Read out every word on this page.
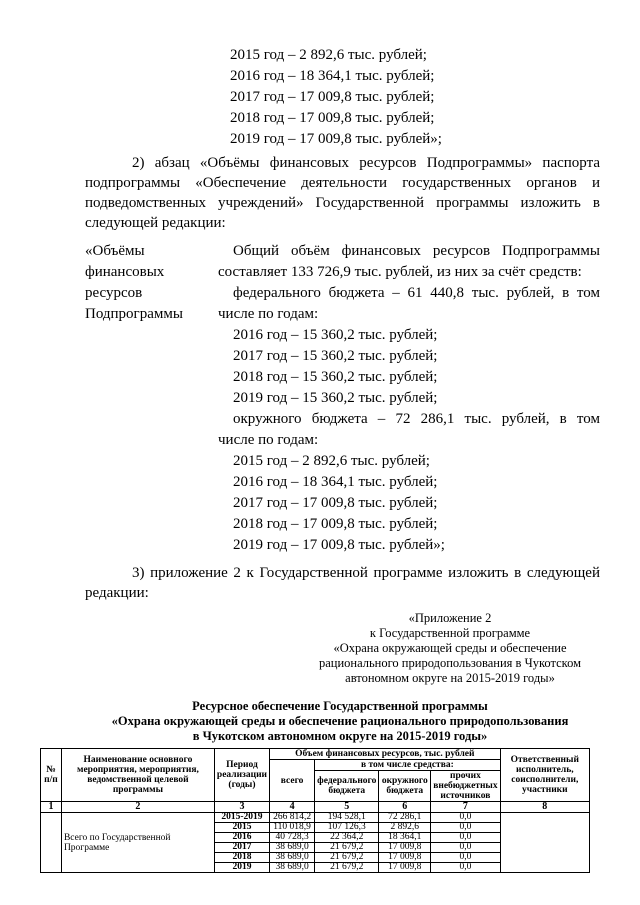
2015 год – 2 892,6 тыс. рублей;
2016 год – 18 364,1 тыс. рублей;
2017 год – 17 009,8 тыс. рублей;
2018 год – 17 009,8 тыс. рублей;
2019 год – 17 009,8 тыс. рублей»;
2) абзац «Объёмы финансовых ресурсов Подпрограммы» паспорта
подпрограммы «Обеспечение деятельности государственных органов и
подведомственных учреждений» Государственной программы изложить в
следующей редакции:
«Объёмы
финансовых
ресурсов
Подпрограммы
Общий объём финансовых ресурсов Подпрограммы
составляет 133 726,9 тыс. рублей, из них за счёт средств:
федерального бюджета – 61 440,8 тыс. рублей, в том
числе по годам:
2016 год – 15 360,2 тыс. рублей;
2017 год – 15 360,2 тыс. рублей;
2018 год – 15 360,2 тыс. рублей;
2019 год – 15 360,2 тыс. рублей;
окружного бюджета – 72 286,1 тыс. рублей, в том
числе по годам:
2015 год – 2 892,6 тыс. рублей;
2016 год – 18 364,1 тыс. рублей;
2017 год – 17 009,8 тыс. рублей;
2018 год – 17 009,8 тыс. рублей;
2019 год – 17 009,8 тыс. рублей»;
3) приложение 2 к Государственной программе изложить в следующей
редакции:
«Приложение 2
к Государственной программе
«Охрана окружающей среды и обеспечение
рационального природопользования в Чукотском
автономном округе на 2015-2019 годы»
Ресурсное обеспечение Государственной программы
«Охрана окружающей среды и обеспечение рационального природопользования
в Чукотском автономном округе на 2015-2019 годы»
№ п/п	Наименование основного мероприятия, мероприятия, ведомственной целевой программы	Период реализации (годы)	Объем финансовых ресурсов, тыс. рублей				Ответственный исполнитель, соисполнители, участники
			всего	в том числе средства:			
				федерального бюджета	окружного бюджета	прочих внебюджетных источников	
1	2	3	4	5	6	7	8
	Всего по Государственной Программе	2015-2019	266 814,2	194 528,1	72 286,1	0,0	
		2015	110 018,9	107 126,3	2 892,6	0,0	
		2016	40 728,3	22 364,2	18 364,1	0,0	
		2017	38 689,0	21 679,2	17 009,8	0,0	
		2018	38 689,0	21 679,2	17 009,8	0,0	
		2019	38 689,0	21 679,2	17 009,8	0,0	
